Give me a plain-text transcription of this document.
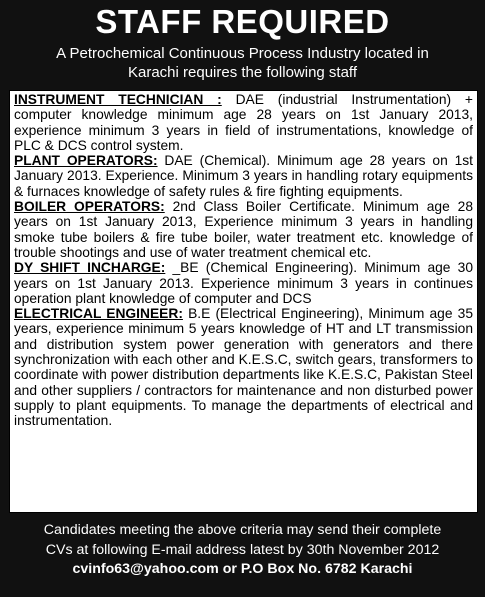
STAFF REQUIRED
A Petrochemical Continuous Process Industry located in
Karachi requires the following staff

INSTRUMENT TECHNICIAN : DAE (industrial Instrumentation) + computer knowledge minimum age 28 years on 1st January 2013, experience minimum 3 years in field of instrumentations, knowledge of PLC & DCS control system.

PLANT OPERATORS: DAE (Chemical). Minimum age 28 years on 1st January 2013. Experience. Minimum 3 years in handling rotary equipments & furnaces knowledge of safety rules & fire fighting equipments.

BOILER OPERATORS: 2nd Class Boiler Certificate. Minimum age 28 years on 1st January 2013, Experience minimum 3 years in handling smoke tube boilers & fire tube boiler, water treatment etc. knowledge of trouble shootings and use of water treatment chemical etc.

DY SHIFT INCHARGE: _BE (Chemical Engineering). Minimum age 30 years on 1st January 2013. Experience minimum 3 years in continues operation plant knowledge of computer and DCS

ELECTRICAL ENGINEER: B.E (Electrical Engineering), Minimum age 35 years, experience minimum 5 years knowledge of HT and LT transmission and distribution system power generation with generators and there synchronization with each other and K.E.S.C, switch gears, transformers to coordinate with power distribution departments like K.E.S.C, Pakistan Steel and other suppliers / contractors for maintenance and non disturbed power supply to plant equipments. To manage the departments of electrical and instrumentation.

Candidates meeting the above criteria may send their complete
CVs at following E-mail address latest by 30th November 2012
cvinfo63@yahoo.com or P.O Box No. 6782 Karachi
